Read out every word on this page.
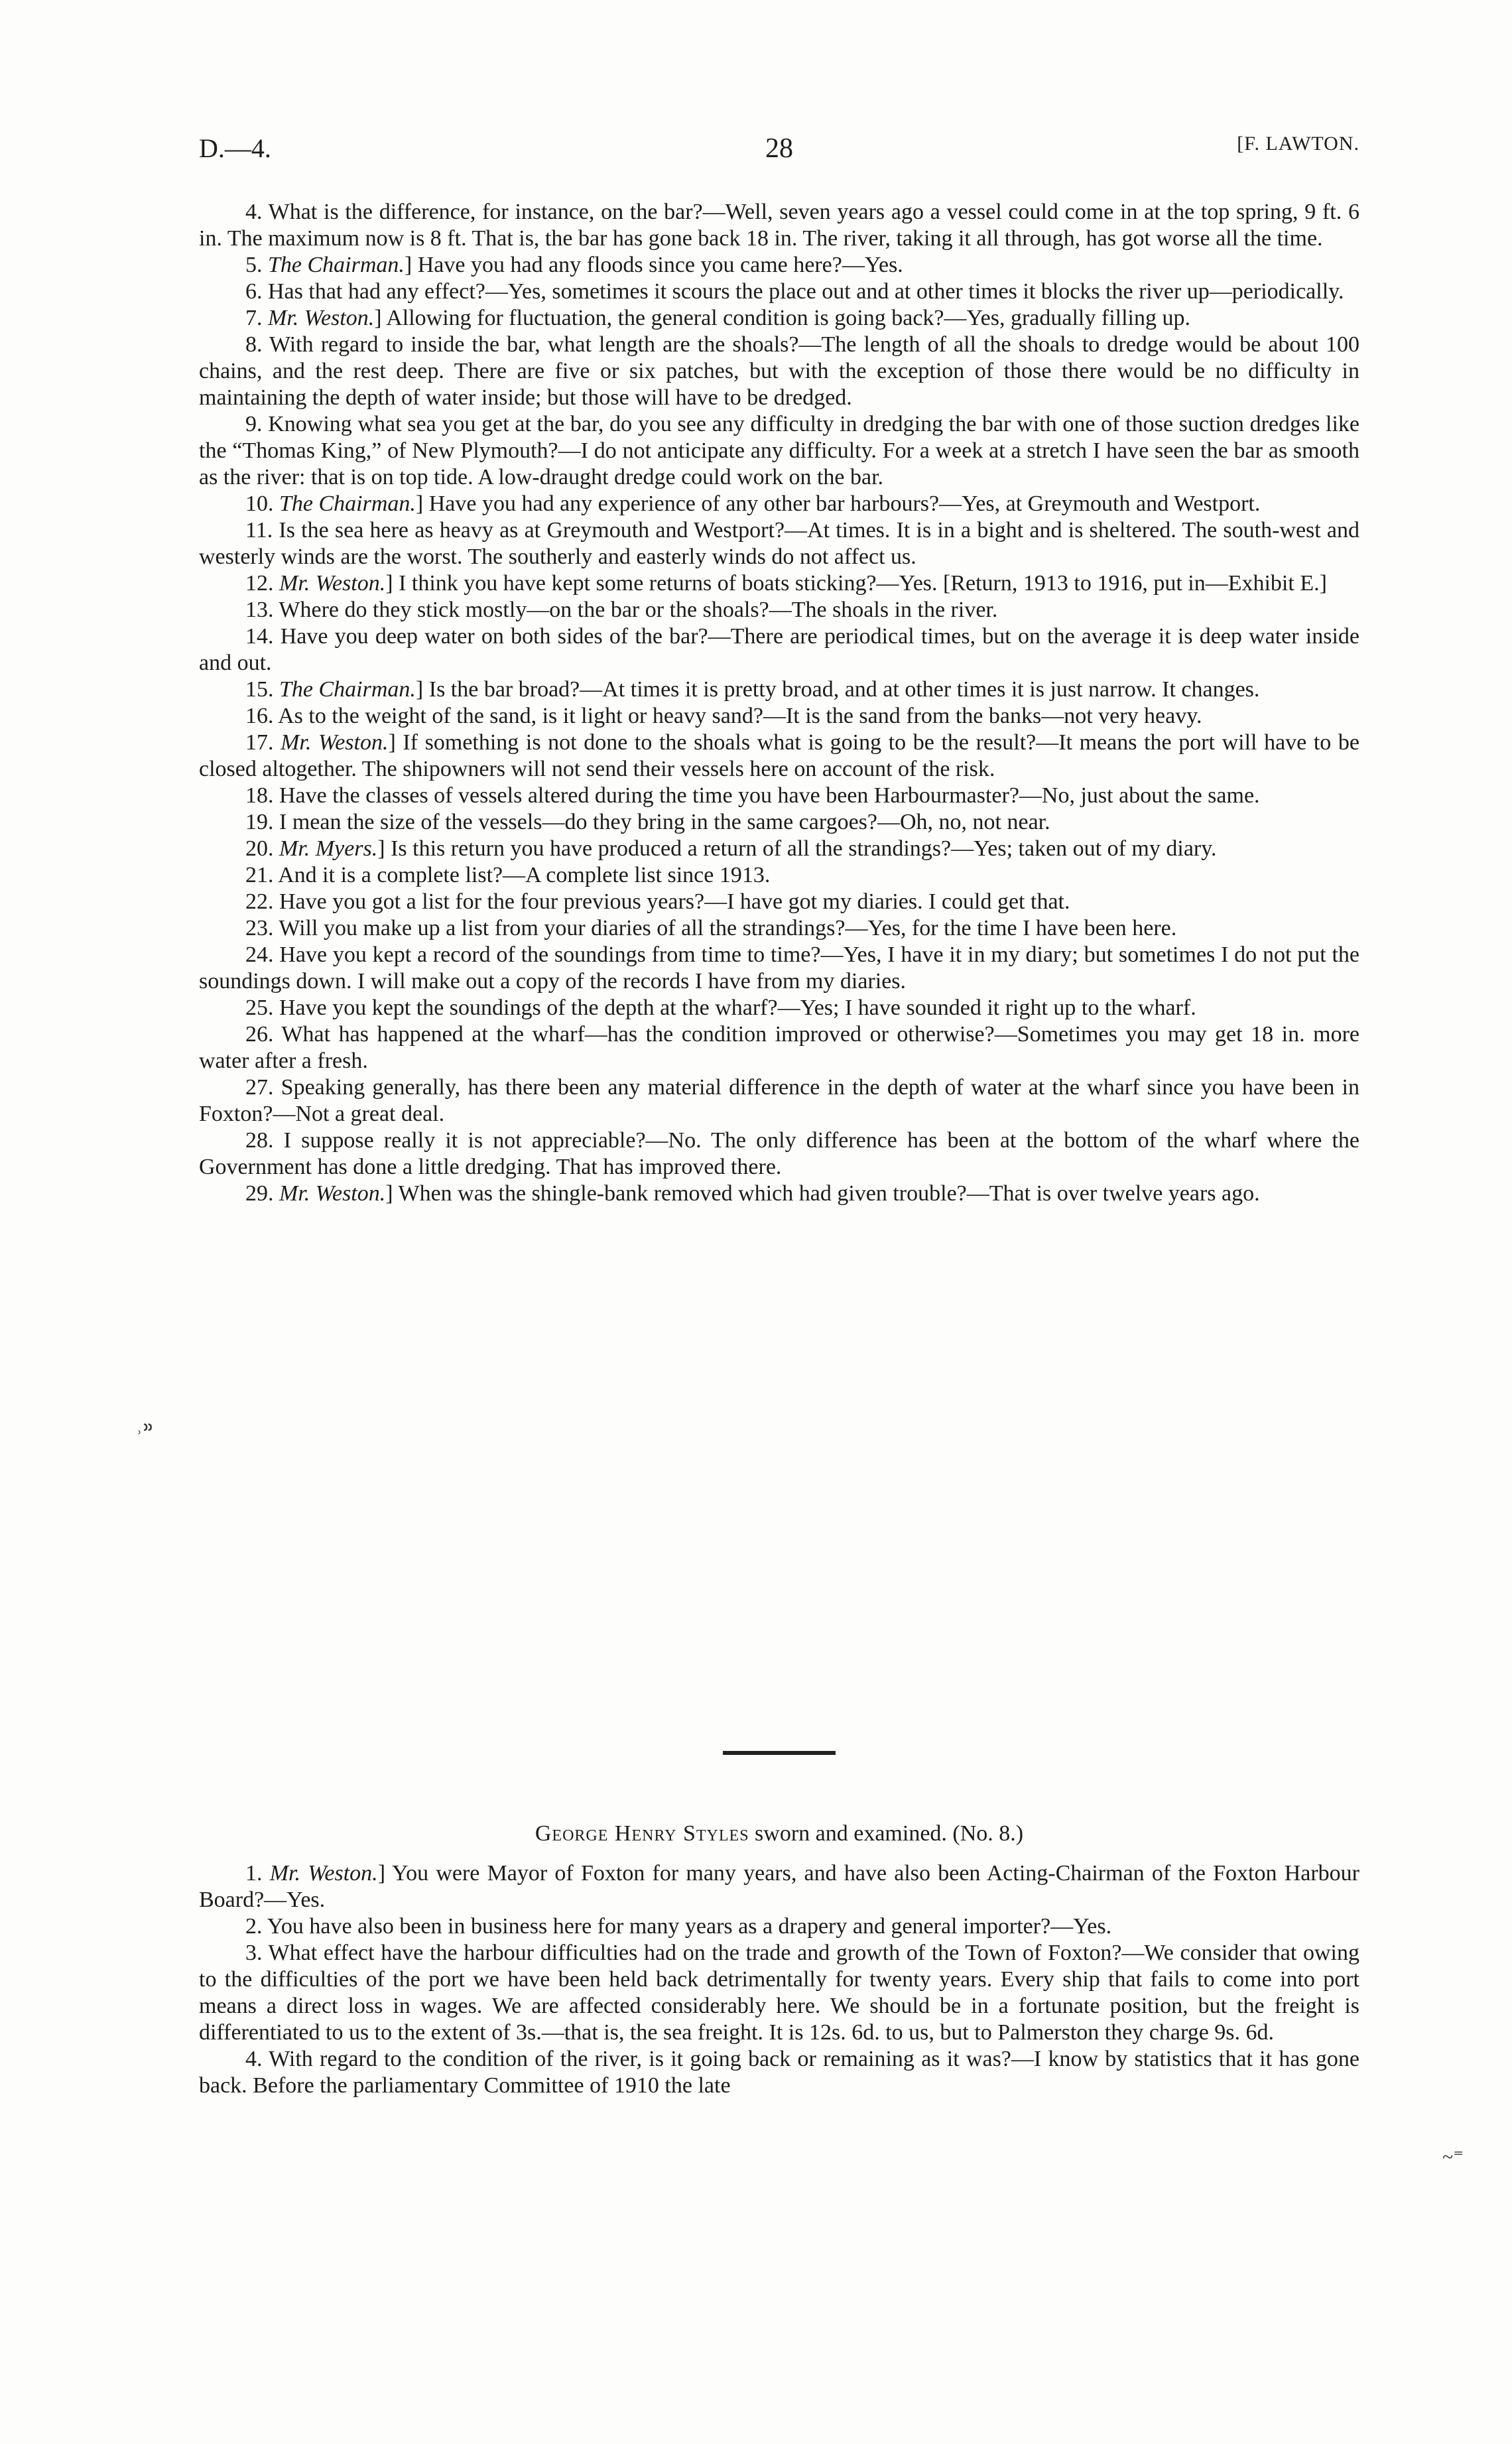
D.—4.	28	[F. LAWTON.

4. What is the difference, for instance, on the bar?—Well, seven years ago a vessel could come in at the top spring, 9 ft. 6 in. The maximum now is 8 ft. That is, the bar has gone back 18 in. The river, taking it all through, has got worse all the time.

5. The Chairman.] Have you had any floods since you came here?—Yes.

6. Has that had any effect?—Yes, sometimes it scours the place out and at other times it blocks the river up—periodically.

7. Mr. Weston.] Allowing for fluctuation, the general condition is going back?—Yes, gradually filling up.

8. With regard to inside the bar, what length are the shoals?—The length of all the shoals to dredge would be about 100 chains, and the rest deep. There are five or six patches, but with the exception of those there would be no difficulty in maintaining the depth of water inside; but those will have to be dredged.

9. Knowing what sea you get at the bar, do you see any difficulty in dredging the bar with one of those suction dredges like the “Thomas King,” of New Plymouth?—I do not anticipate any difficulty. For a week at a stretch I have seen the bar as smooth as the river: that is on top tide. A low-draught dredge could work on the bar.

10. The Chairman.] Have you had any experience of any other bar harbours?—Yes, at Greymouth and Westport.

11. Is the sea here as heavy as at Greymouth and Westport?—At times. It is in a bight and is sheltered. The south-west and westerly winds are the worst. The southerly and easterly winds do not affect us.

12. Mr. Weston.] I think you have kept some returns of boats sticking?—Yes. [Return, 1913 to 1916, put in—Exhibit E.]

13. Where do they stick mostly—on the bar or the shoals?—The shoals in the river.

14. Have you deep water on both sides of the bar?—There are periodical times, but on the average it is deep water inside and out.

15. The Chairman.] Is the bar broad?—At times it is pretty broad, and at other times it is just narrow. It changes.

16. As to the weight of the sand, is it light or heavy sand?—It is the sand from the banks—not very heavy.

17. Mr. Weston.] If something is not done to the shoals what is going to be the result?—It means the port will have to be closed altogether. The shipowners will not send their vessels here on account of the risk.

18. Have the classes of vessels altered during the time you have been Harbourmaster?—No, just about the same.

19. I mean the size of the vessels—do they bring in the same cargoes?—Oh, no, not near.

20. Mr. Myers.] Is this return you have produced a return of all the strandings?—Yes; taken out of my diary.

21. And it is a complete list?—A complete list since 1913.

22. Have you got a list for the four previous years?—I have got my diaries. I could get that.

23. Will you make up a list from your diaries of all the strandings?—Yes, for the time I have been here.

24. Have you kept a record of the soundings from time to time?—Yes, I have it in my diary; but sometimes I do not put the soundings down. I will make out a copy of the records I have from my diaries.

25. Have you kept the soundings of the depth at the wharf?—Yes; I have sounded it right up to the wharf.

26. What has happened at the wharf—has the condition improved or otherwise?—Sometimes you may get 18 in. more water after a fresh.

27. Speaking generally, has there been any material difference in the depth of water at the wharf since you have been in Foxton?—Not a great deal.

28. I suppose really it is not appreciable?—No. The only difference has been at the bottom of the wharf where the Government has done a little dredging. That has improved there.

29. Mr. Weston.] When was the shingle-bank removed which had given trouble?—That is over twelve years ago.

George Henry Styles sworn and examined. (No. 8.)

1. Mr. Weston.] You were Mayor of Foxton for many years, and have also been Acting-Chairman of the Foxton Harbour Board?—Yes.

2. You have also been in business here for many years as a drapery and general importer?—Yes.

3. What effect have the harbour difficulties had on the trade and growth of the Town of Foxton?—We consider that owing to the difficulties of the port we have been held back detrimentally for twenty years. Every ship that fails to come into port means a direct loss in wages. We are affected considerably here. We should be in a fortunate position, but the freight is differentiated to us to the extent of 3s.—that is, the sea freight. It is 12s. 6d. to us, but to Palmerston they charge 9s. 6d.

4. With regard to the condition of the river, is it going back or remaining as it was?—I know by statistics that it has gone back. Before the parliamentary Committee of 1910 the late

˒᠉
~⁼
